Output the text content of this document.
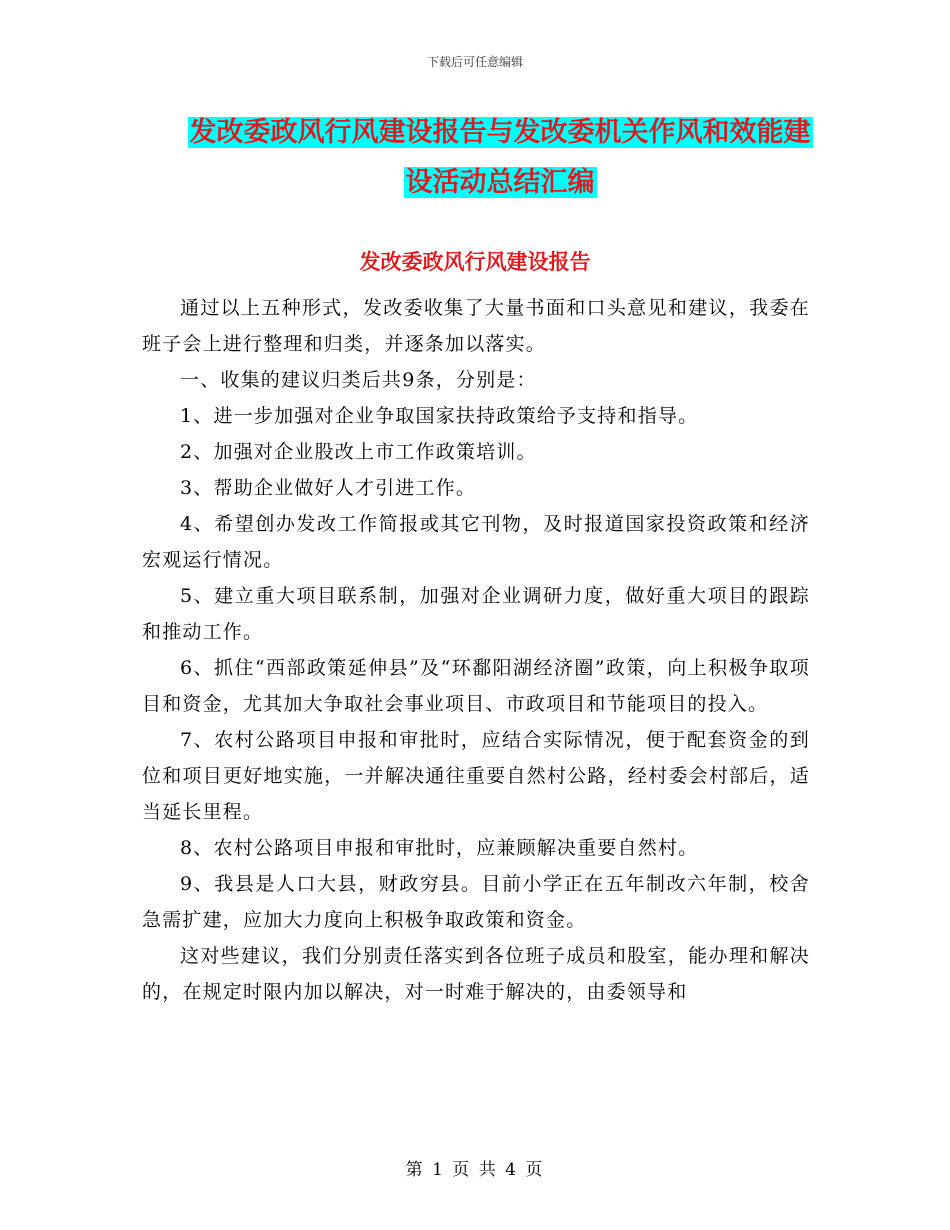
下载后可任意编辑
发改委政风行风建设报告与发改委机关作风和效能建
设活动总结汇编
发改委政风行风建设报告

通过以上五种形式，发改委收集了大量书面和口头意见和建议，我委在班子会上进行整理和归类，并逐条加以落实。

一、收集的建议归类后共9条，分别是：

1、进一步加强对企业争取国家扶持政策给予支持和指导。

2、加强对企业股改上市工作政策培训。

3、帮助企业做好人才引进工作。

4、希望创办发改工作简报或其它刊物，及时报道国家投资政策和经济宏观运行情况。

5、建立重大项目联系制，加强对企业调研力度，做好重大项目的跟踪和推动工作。

6、抓住“西部政策延伸县”及“环鄱阳湖经济圈”政策，向上积极争取项目和资金，尤其加大争取社会事业项目、市政项目和节能项目的投入。

7、农村公路项目申报和审批时，应结合实际情况，便于配套资金的到位和项目更好地实施，一并解决通往重要自然村公路，经村委会村部后，适当延长里程。

8、农村公路项目申报和审批时，应兼顾解决重要自然村。

9、我县是人口大县，财政穷县。目前小学正在五年制改六年制，校舍急需扩建，应加大力度向上积极争取政策和资金。

这对些建议，我们分别责任落实到各位班子成员和股室，能办理和解决的，在规定时限内加以解决，对一时难于解决的，由委领导和

第 1 页 共 4 页
